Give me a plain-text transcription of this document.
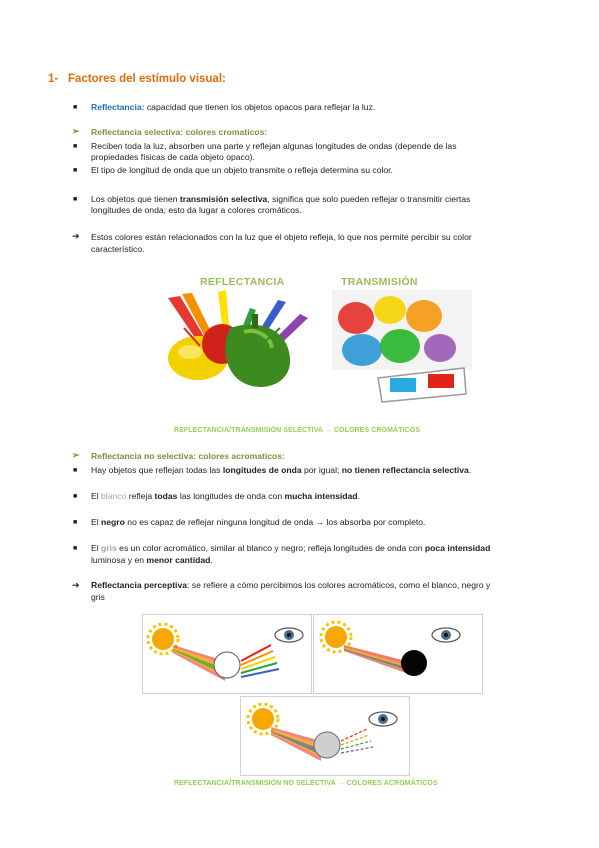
1- Factores del estímulo visual:
■ Reflectancia: capacidad que tienen los objetos opacos para reflejar la luz.
➢ Reflectancia selectiva: colores cromaticos:
■ Reciben toda la luz, absorben una parte y reflejan algunas longitudes de ondas (depende de las
propiedades físicas de cada objeto opaco).
■ El tipo de longitud de onda que un objeto transmite o refleja determina su color.
■ Los objetos que tienen transmisión selectiva, significa que solo pueden reflejar o transmitir ciertas
longitudes de onda; esto da lugar a colores cromáticos.
➔ Estos colores están relacionados con la luz que el objeto refleja, lo que nos permite percibir su color
característico.
REFLECTANCIA	TRANSMISIÓN
REFLECTANCIA/TRANSMISIÓN SELECTIVA → COLORES CROMÁTICOS
➢ Reflectancia no selectiva: colores acromaticos:
■ Hay objetos que reflejan todas las longitudes de onda por igual; no tienen reflectancia selectiva.
■ El blanco refleja todas las longitudes de onda con mucha intensidad.
■ El negro no es capaz de reflejar ninguna longitud de onda → los absorba por completo.
■ El gris es un color acromático, similar al blanco y negro; refleja longitudes de onda con poca intensidad
luminosa y en menor cantidad.
➔ Reflectancia perceptiva: se refiere a cómo percibimos los colores acromáticos, como el blanco, negro y
gris
REFLECTANCIA/TRANSMISIÓN NO SELECTIVA → COLORES ACROMÁTICOS
